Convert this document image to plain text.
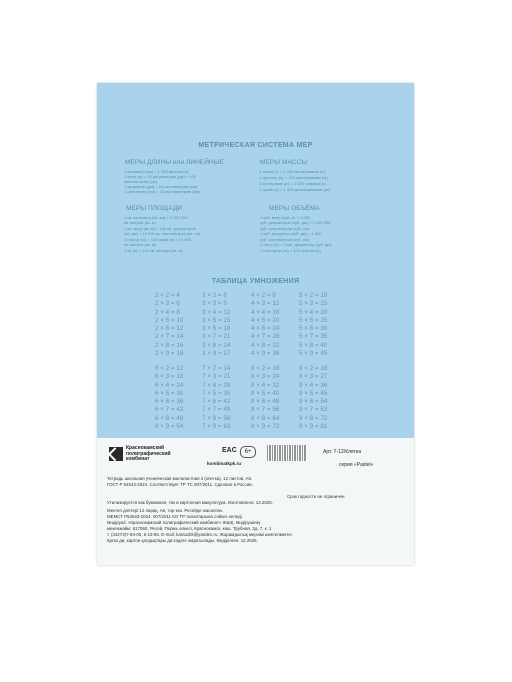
МЕТРИЧЕСКАЯ СИСТЕМА МЕР
МЕРЫ ДЛИНЫ или ЛИНЕЙНЫЕ
1 километр (км) = 1 000 метров (м)
1 метр (м) = 10 дециметрам (дм) = 100
сантиметрам (см)
1 дециметр (дм) = 10 сантиметрам (см)
1 сантиметр (см) = 10 миллиметрам (мм)
МЕРЫ МАССЫ
1 тонна (т) = 1 000 килограммов (кг)
1 центнер (ц) = 100 килограммам (кг)
1 килограмм (кг) = 1 000 граммов (г)
1 грамм (г) = 1 000 миллиграммов (мг)
МЕРЫ ПЛОЩАДИ
1 кв. километр (кв. км) = 1 000 000
кв. метров (кв. м)
1 кв. метр (кв. м) = 100 кв. дециметров
(кв. дм) = 10 000 кв. сантиметров (кв. см)
1 гектар (га) = 100 арам (а) = 10 000
кв. метров (кв. м)
1 ар (а) = 100 кв. метрам (кв. м)
МЕРЫ ОБЪЁМА
1 куб. метр (куб. м) = 1 000
куб. дециметров (куб. дм) = 1 000 000
куб. сантиметров (куб. см)
1 куб. дециметр (куб. дм) = 1 000
куб. сантиметров (куб. см)
1 литр (л) = 1 куб. дециметру (куб. дм)
1 гектолитр (гл) = 100 литрам (л)
ТАБЛИЦА УМНОЖЕНИЯ
2 × 2 = 4
2 × 3 = 6
2 × 4 = 8
2 × 5 = 10
2 × 6 = 12
2 × 7 = 14
2 × 8 = 16
2 × 9 = 18
3 × 2 = 6
3 × 3 = 9
3 × 4 = 12
3 × 5 = 15
3 × 6 = 18
3 × 7 = 21
3 × 8 = 24
3 × 9 = 27
4 × 2 = 8
4 × 3 = 12
4 × 4 = 16
4 × 5 = 20
4 × 6 = 24
4 × 7 = 28
4 × 8 = 32
4 × 9 = 36
5 × 2 = 10
5 × 3 = 15
5 × 4 = 20
5 × 5 = 25
5 × 6 = 30
5 × 7 = 35
5 × 8 = 40
5 × 9 = 45
6 × 2 = 12
6 × 3 = 18
6 × 4 = 24
6 × 5 = 30
6 × 6 = 36
6 × 7 = 42
6 × 8 = 48
6 × 9 = 54
7 × 2 = 14
7 × 3 = 21
7 × 4 = 28
7 × 5 = 35
7 × 6 = 42
7 × 7 = 49
7 × 8 = 56
7 × 9 = 63
8 × 2 = 16
8 × 3 = 24
8 × 4 = 32
8 × 5 = 40
8 × 6 = 48
8 × 7 = 56
8 × 8 = 64
8 × 9 = 72
9 × 2 = 18
9 × 3 = 27
9 × 4 = 36
9 × 5 = 45
9 × 6 = 54
9 × 7 = 63
9 × 8 = 72
9 × 9 = 81
Краснокамский
полиграфический
комбинат
EAC	6+
kombinatkpk.ru
Арт. Т-12/Клетка
серия «Pastel»
Тетрадь школьная ученическая малолистная 2 (клетка), 12 листов, А5.
ГОСТ Р 54543-2024. Соответствует ТР ТС 007/2011. Сделано в России.
Срок годности не ограничен.
Утилизируется как бумажная, так и картонная макулатура. Изготовлено: 12.2025.
Мектеп дәптері 12 парақ, А5, тор көз. Ресейде жасалған.
МЕМСТ Р54543-2024. 007/2011 КО ТР талаптарына сәйкес келеді.
Өндіруші: «Краснокамский полиграфический комбинат» ЖШҚ. Өндірушінің
мекенжайы: 617060, Ресей, Пермь өлкесі, Краснокамск, көш. Трубная, 3д. 7, к. 1
т. (34273)7-94-00, 5-13-85. E-mail: kamazbk@yandex.ru. Жарамдылық мерзімі шектелмеген.
Қағаз да, картон қалдықтары да кәдеге жаратылады. Өндірілген: 12.2025.
